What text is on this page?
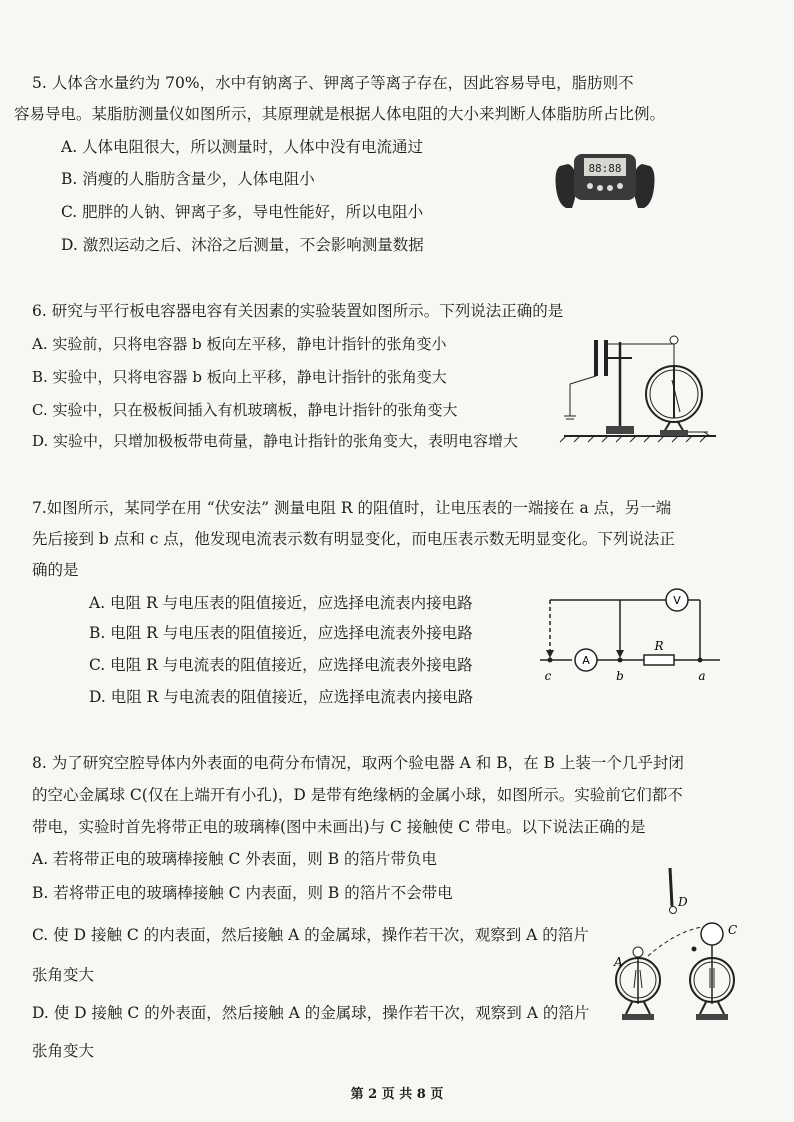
5. 人体含水量约为 70%，水中有钠离子、钾离子等离子存在，因此容易导电，脂肪则不
容易导电。某脂肪测量仪如图所示，其原理就是根据人体电阻的大小来判断人体脂肪所占比例。
A. 人体电阻很大，所以测量时，人体中没有电流通过
B. 消瘦的人脂肪含量少，人体电阻小
C. 肥胖的人钠、钾离子多，导电性能好，所以电阻小
D. 激烈运动之后、沐浴之后测量，不会影响测量数据
88:88
6. 研究与平行板电容器电容有关因素的实验装置如图所示。下列说法正确的是
A. 实验前，只将电容器 b 板向左平移，静电计指针的张角变小
B. 实验中，只将电容器 b 板向上平移，静电计指针的张角变大
C. 实验中，只在极板间插入有机玻璃板，静电计指针的张角变大
D. 实验中，只增加极板带电荷量，静电计指针的张角变大，表明电容增大
7.如图所示，某同学在用 “伏安法” 测量电阻 R 的阻值时，让电压表的一端接在 a 点，另一端
先后接到 b 点和 c 点，他发现电流表示数有明显变化，而电压表示数无明显变化。下列说法正
确的是
A. 电阻 R 与电压表的阻值接近，应选择电流表内接电路
B. 电阻 R 与电压表的阻值接近，应选择电流表外接电路
C. 电阻 R 与电流表的阻值接近，应选择电流表外接电路
D. 电阻 R 与电流表的阻值接近，应选择电流表内接电路
A
R
V
c	b	a
8. 为了研究空腔导体内外表面的电荷分布情况，取两个验电器 A 和 B，在 B 上装一个几乎封闭
的空心金属球 C(仅在上端开有小孔)，D 是带有绝缘柄的金属小球，如图所示。实验前它们都不
带电，实验时首先将带正电的玻璃棒(图中未画出)与 C 接触使 C 带电。以下说法正确的是
A. 若将带正电的玻璃棒接触 C 外表面，则 B 的箔片带负电
B. 若将带正电的玻璃棒接触 C 内表面，则 B 的箔片不会带电
C. 使 D 接触 C 的内表面，然后接触 A 的金属球，操作若干次，观察到 A 的箔片
张角变大
D. 使 D 接触 C 的外表面，然后接触 A 的金属球，操作若干次，观察到 A 的箔片
张角变大
D
A
C
第 2 页 共 8 页
